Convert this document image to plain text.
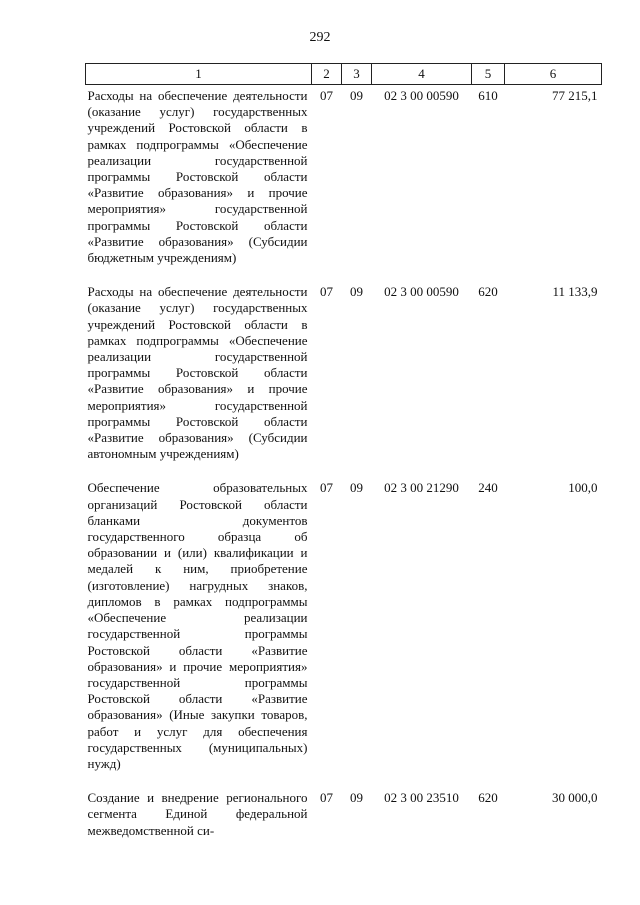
292
1	2	3	4	5	6
Расходы на обеспечение деятельности (оказание услуг) государственных учреждений Ростовской области в рамках подпрограммы «Обеспечение реализации государственной программы Ростовской области «Развитие образования» и прочие мероприятия» государственной программы Ростовской области «Развитие образования» (Субсидии бюджетным учреждениям)	07	09	02 3 00 00590	610	77 215,1

Расходы на обеспечение деятельности (оказание услуг) государственных учреждений Ростовской области в рамках подпрограммы «Обеспечение реализации государственной программы Ростовской области «Развитие образования» и прочие мероприятия» государственной программы Ростовской области «Развитие образования» (Субсидии автономным учреждениям)	07	09	02 3 00 00590	620	11 133,9

Обеспечение образовательных организаций Ростовской области бланками документов государственного образца об образовании и (или) квалификации и медалей к ним, приобретение (изготовление) нагрудных знаков, дипломов в рамках подпрограммы «Обеспечение реализации государственной программы Ростовской области «Развитие образования» и прочие мероприятия» государственной программы Ростовской области «Развитие образования» (Иные закупки товаров, работ и услуг для обеспечения государственных (муниципальных) нужд)	07	09	02 3 00 21290	240	100,0

Создание и внедрение регионального сегмента Единой федеральной межведомственной си-	07	09	02 3 00 23510	620	30 000,0
